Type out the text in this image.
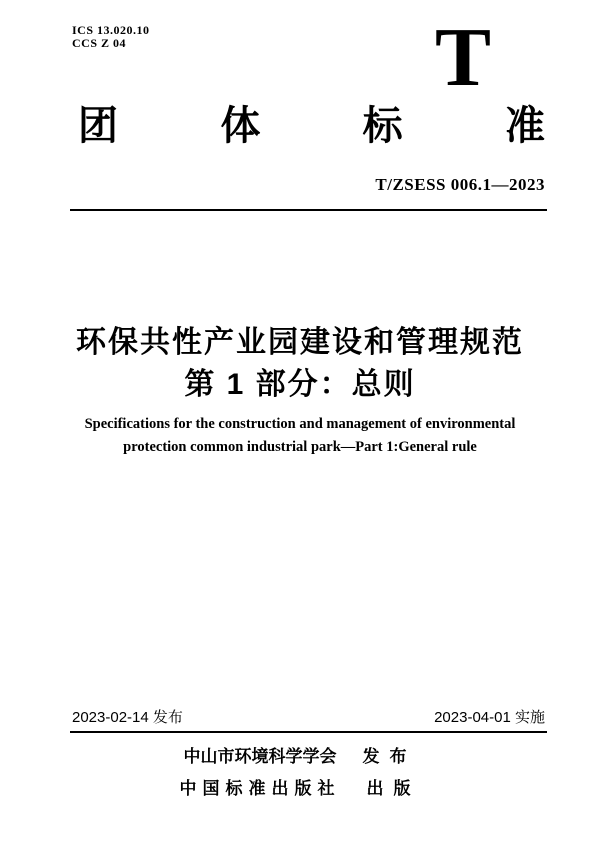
ICS 13.020.10
CCS Z 04	T
团	体	标	准
T/ZSESS 006.1—2023
环保共性产业园建设和管理规范
第 1 部分：总则
Specifications for the construction and management of environmental
protection common industrial park—Part 1:General rule
2023-02-14 发布	2023-04-01 实施
中山市环境科学学会 发布
中国标准出版社 出版
